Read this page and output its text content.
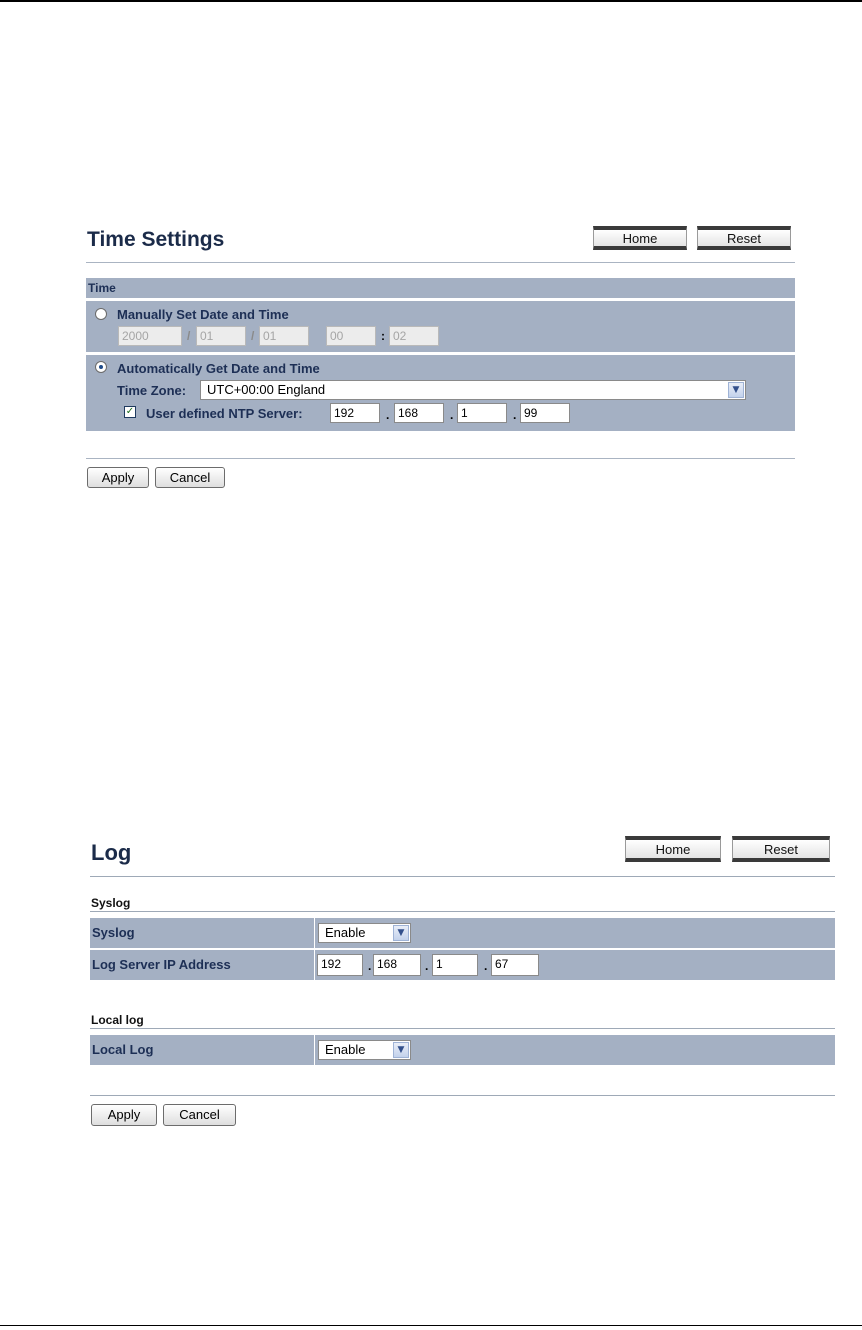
Time Settings	Home	Reset
Time
Manually Set Date and Time
2000	/ 01	/ 01	00	: 02
Automatically Get Date and Time
Time Zone:	UTC+00:00 England	▼
✓ User defined NTP Server:	192	. 168	. 1	. 99
Apply	Cancel
Log	Home	Reset
Syslog
Syslog	Enable	▼
Log Server IP Address	192	. 168	. 1	. 67
Local log
Local Log	Enable	▼
Apply	Cancel
